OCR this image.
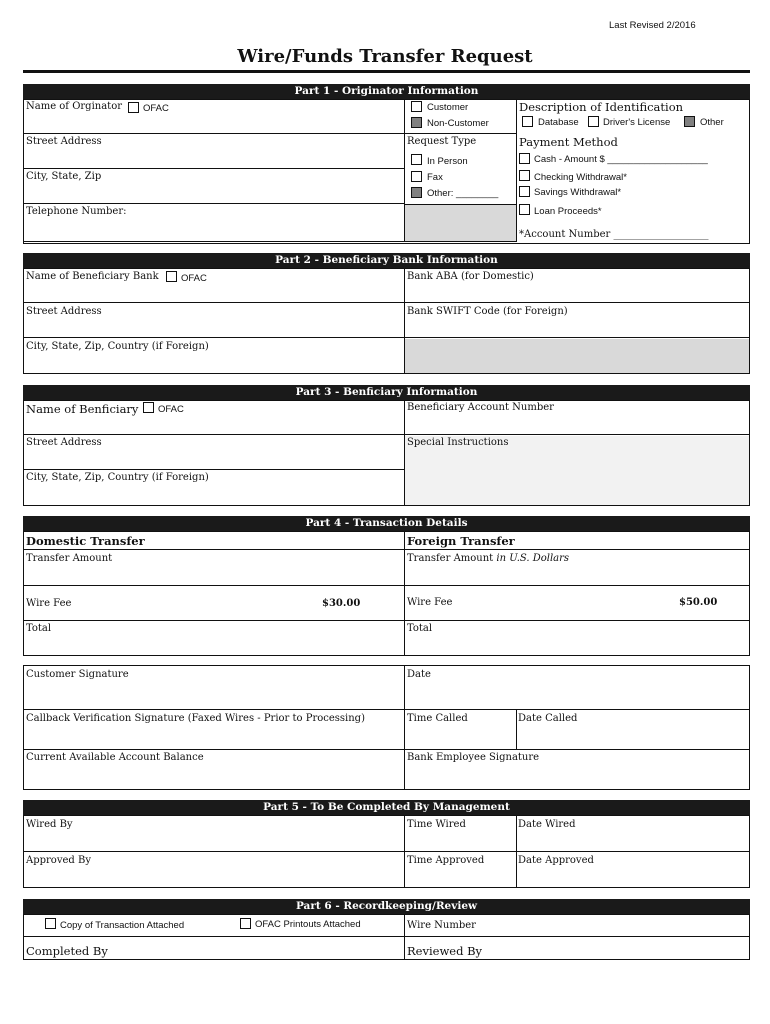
Last Revised 2/2016
Wire/Funds Transfer Request
Part 1 - Originator Information
Name of Orginator OFAC
Street Address
City, State, Zip
Telephone Number:
Customer
Non-Customer
Request Type
In Person
Fax
Other: ________
Description of Identification
Database	Driver's License	Other
Payment Method
Cash - Amount $ ___________________
Checking Withdrawal*
Savings Withdrawal*
Loan Proceeds*
*Account Number ___________________
Part 2 - Beneficiary Bank Information
Name of Beneficiary Bank OFAC	Bank ABA (for Domestic)
Street Address	Bank SWIFT Code (for Foreign)
City, State, Zip, Country (if Foreign)
Part 3 - Benficiary Information
Name of Benficiary OFAC	Beneficiary Account Number
Street Address	Special Instructions
City, State, Zip, Country (if Foreign)
Part 4 - Transaction Details
Domestic Transfer	Foreign Transfer
Transfer Amount	Transfer Amount in U.S. Dollars
Wire Fee	$30.00	Wire Fee	$50.00
Total	Total
Customer Signature	Date
Callback Verification Signature (Faxed Wires - Prior to Processing)	Time Called	Date Called
Current Available Account Balance	Bank Employee Signature
Part 5 - To Be Completed By Management
Wired By	Time Wired	Date Wired
Approved By	Time Approved	Date Approved
Part 6 - Recordkeeping/Review
Copy of Transaction Attached	OFAC Printouts Attached	Wire Number
Completed By	Reviewed By
